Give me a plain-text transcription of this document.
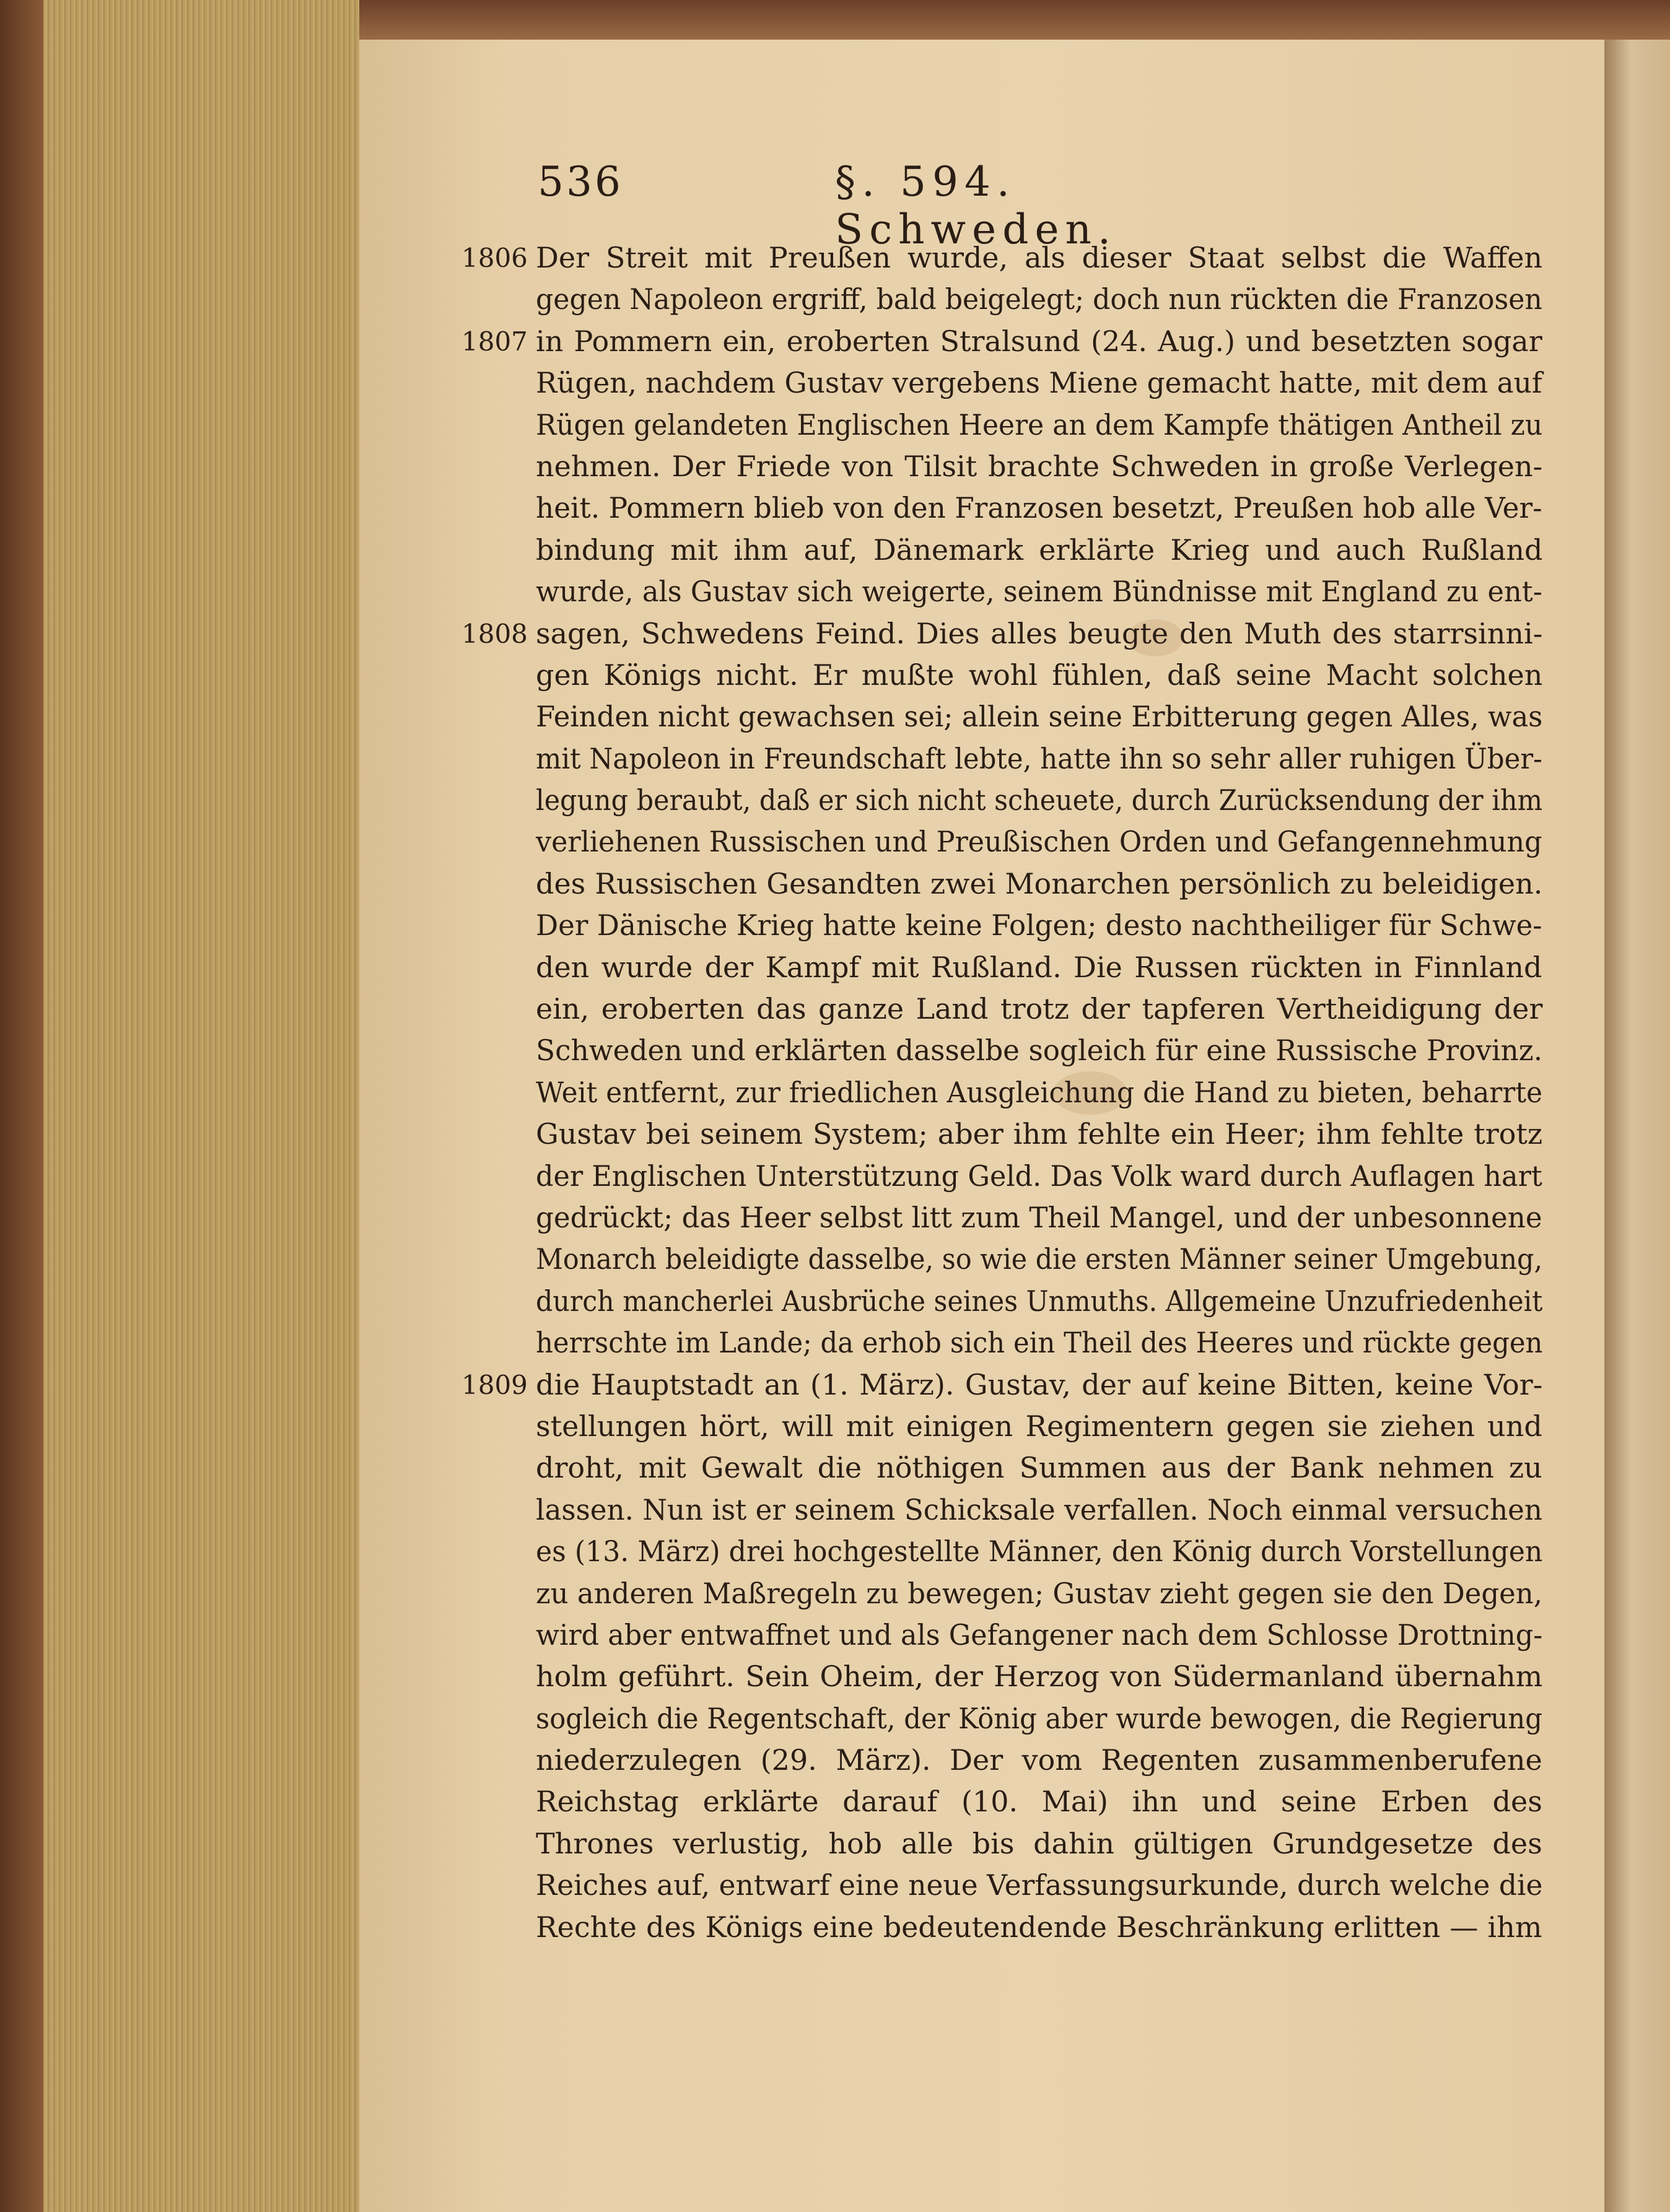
536	§. 594. Schweden.
1806 Der Streit mit Preußen wurde, als dieser Staat selbst die Waffen
gegen Napoleon ergriff, bald beigelegt; doch nun rückten die Franzosen
1807 in Pommern ein, eroberten Stralsund (24. Aug.) und besetzten sogar
Rügen, nachdem Gustav vergebens Miene gemacht hatte, mit dem auf
Rügen gelandeten Englischen Heere an dem Kampfe thätigen Antheil zu
nehmen. Der Friede von Tilsit brachte Schweden in große Verlegen-
heit. Pommern blieb von den Franzosen besetzt, Preußen hob alle Ver-
bindung mit ihm auf, Dänemark erklärte Krieg und auch Rußland
wurde, als Gustav sich weigerte, seinem Bündnisse mit England zu ent-
1808 sagen, Schwedens Feind. Dies alles beugte den Muth des starrsinni-
gen Königs nicht. Er mußte wohl fühlen, daß seine Macht solchen
Feinden nicht gewachsen sei; allein seine Erbitterung gegen Alles, was
mit Napoleon in Freundschaft lebte, hatte ihn so sehr aller ruhigen Über-
legung beraubt, daß er sich nicht scheuete, durch Zurücksendung der ihm
verliehenen Russischen und Preußischen Orden und Gefangennehmung
des Russischen Gesandten zwei Monarchen persönlich zu beleidigen.
Der Dänische Krieg hatte keine Folgen; desto nachtheiliger für Schwe-
den wurde der Kampf mit Rußland. Die Russen rückten in Finnland
ein, eroberten das ganze Land trotz der tapferen Vertheidigung der
Schweden und erklärten dasselbe sogleich für eine Russische Provinz.
Weit entfernt, zur friedlichen Ausgleichung die Hand zu bieten, beharrte
Gustav bei seinem System; aber ihm fehlte ein Heer; ihm fehlte trotz
der Englischen Unterstützung Geld. Das Volk ward durch Auflagen hart
gedrückt; das Heer selbst litt zum Theil Mangel, und der unbesonnene
Monarch beleidigte dasselbe, so wie die ersten Männer seiner Umgebung,
durch mancherlei Ausbrüche seines Unmuths. Allgemeine Unzufriedenheit
herrschte im Lande; da erhob sich ein Theil des Heeres und rückte gegen
1809 die Hauptstadt an (1. März). Gustav, der auf keine Bitten, keine Vor-
stellungen hört, will mit einigen Regimentern gegen sie ziehen und
droht, mit Gewalt die nöthigen Summen aus der Bank nehmen zu
lassen. Nun ist er seinem Schicksale verfallen. Noch einmal versuchen
es (13. März) drei hochgestellte Männer, den König durch Vorstellungen
zu anderen Maßregeln zu bewegen; Gustav zieht gegen sie den Degen,
wird aber entwaffnet und als Gefangener nach dem Schlosse Drottning-
holm geführt. Sein Oheim, der Herzog von Südermanland übernahm
sogleich die Regentschaft, der König aber wurde bewogen, die Regierung
niederzulegen (29. März). Der vom Regenten zusammenberufene
Reichstag erklärte darauf (10. Mai) ihn und seine Erben des
Thrones verlustig, hob alle bis dahin gültigen Grundgesetze des
Reiches auf, entwarf eine neue Verfassungsurkunde, durch welche die
Rechte des Königs eine bedeutendende Beschränkung erlitten — ihm
